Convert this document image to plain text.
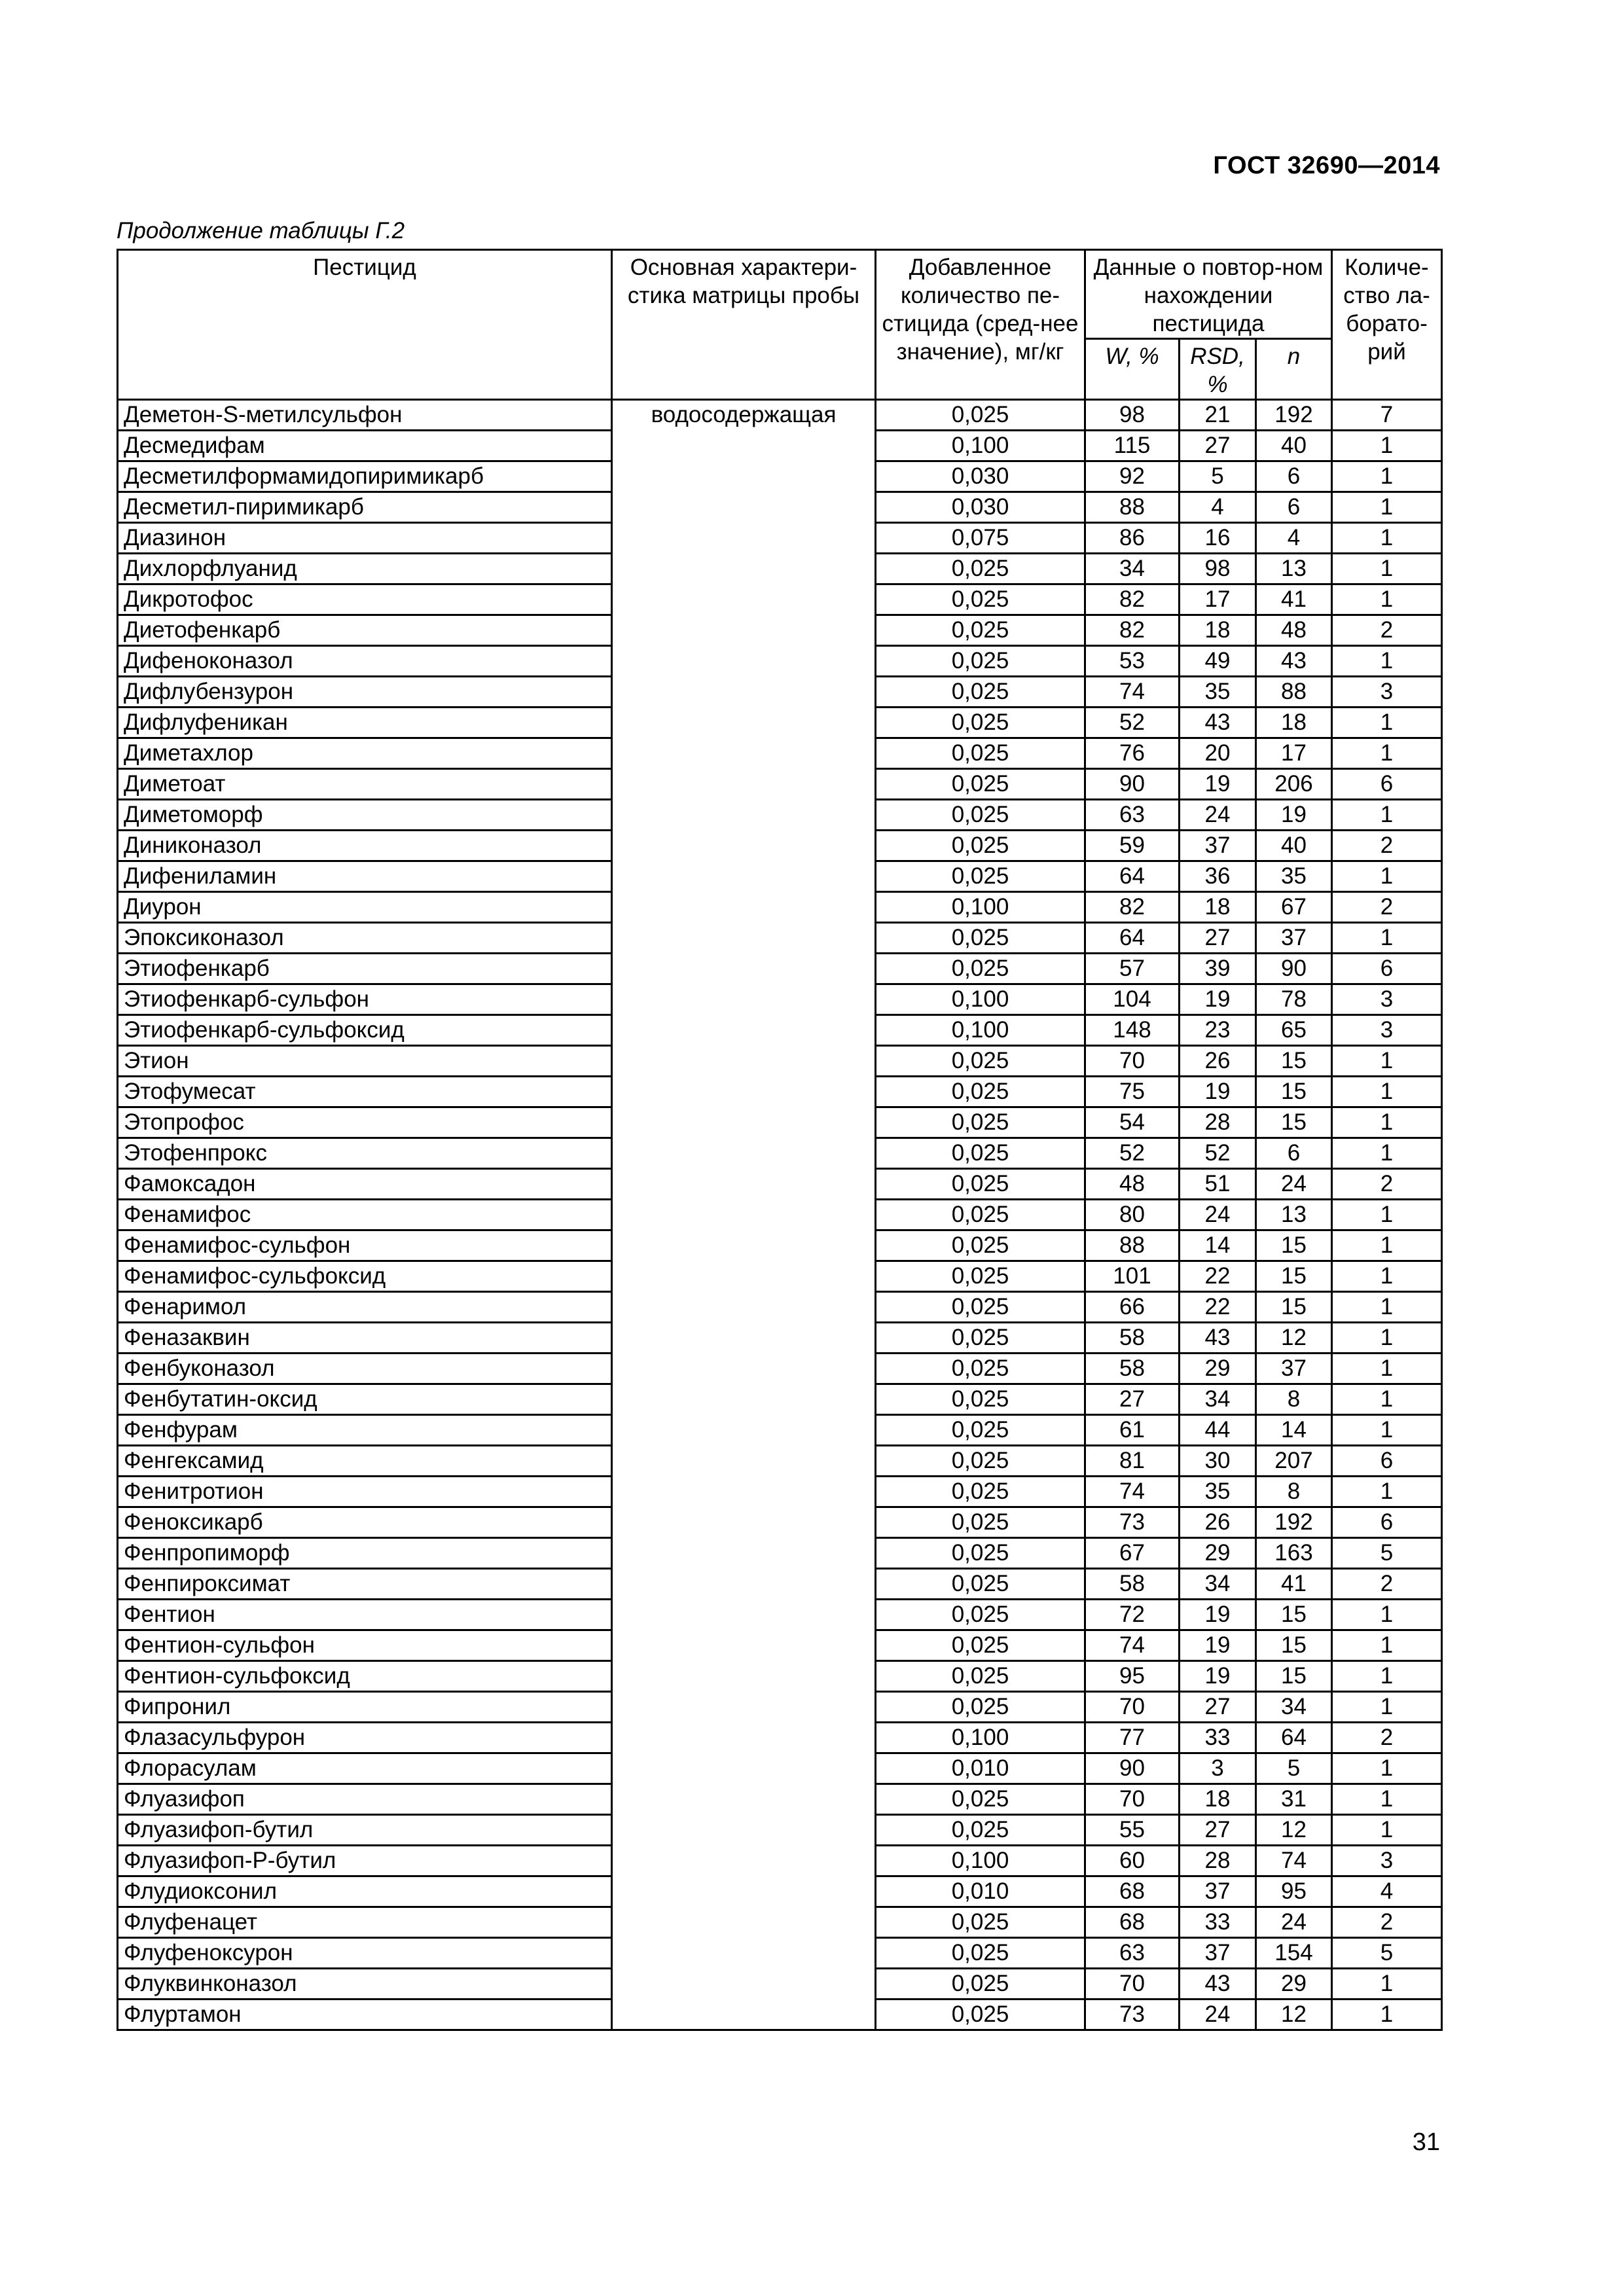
ГОСТ 32690—2014
Продолжение таблицы Г.2
Пестицид	Основная характери-стика матрицы пробы	Добавленное количество пе-стицида (сред-нее значение), мг/кг	Данные о повтор-ном нахождении пестицида			Количе-ство ла-борато-рий
			W, %	RSD, %	n	
Деметон-S-метилсульфон	водосодержащая	0,025	98	21	192	7
Десмедифам		0,100	115	27	40	1
Десметилформамидопиримикарб		0,030	92	5	6	1
Десметил-пиримикарб		0,030	88	4	6	1
Диазинон		0,075	86	16	4	1
Дихлорфлуанид		0,025	34	98	13	1
Дикротофос		0,025	82	17	41	1
Диетофенкарб		0,025	82	18	48	2
Дифеноконазол		0,025	53	49	43	1
Дифлубензурон		0,025	74	35	88	3
Дифлуфеникан		0,025	52	43	18	1
Диметахлор		0,025	76	20	17	1
Диметоат		0,025	90	19	206	6
Диметоморф		0,025	63	24	19	1
Диниконазол		0,025	59	37	40	2
Дифениламин		0,025	64	36	35	1
Диурон		0,100	82	18	67	2
Эпоксиконазол		0,025	64	27	37	1
Этиофенкарб		0,025	57	39	90	6
Этиофенкарб-сульфон		0,100	104	19	78	3
Этиофенкарб-сульфоксид		0,100	148	23	65	3
Этион		0,025	70	26	15	1
Этофумесат		0,025	75	19	15	1
Этопрофос		0,025	54	28	15	1
Этофенпрокс		0,025	52	52	6	1
Фамоксадон		0,025	48	51	24	2
Фенамифос		0,025	80	24	13	1
Фенамифос-сульфон		0,025	88	14	15	1
Фенамифос-сульфоксид		0,025	101	22	15	1
Фенаримол		0,025	66	22	15	1
Феназаквин		0,025	58	43	12	1
Фенбуконазол		0,025	58	29	37	1
Фенбутатин-оксид		0,025	27	34	8	1
Фенфурам		0,025	61	44	14	1
Фенгексамид		0,025	81	30	207	6
Фенитротион		0,025	74	35	8	1
Феноксикарб		0,025	73	26	192	6
Фенпропиморф		0,025	67	29	163	5
Фенпироксимат		0,025	58	34	41	2
Фентион		0,025	72	19	15	1
Фентион-сульфон		0,025	74	19	15	1
Фентион-сульфоксид		0,025	95	19	15	1
Фипронил		0,025	70	27	34	1
Флазасульфурон		0,100	77	33	64	2
Флорасулам		0,010	90	3	5	1
Флуазифоп		0,025	70	18	31	1
Флуазифоп-бутил		0,025	55	27	12	1
Флуазифоп-Р-бутил		0,100	60	28	74	3
Флудиоксонил		0,010	68	37	95	4
Флуфенацет		0,025	68	33	24	2
Флуфеноксурон		0,025	63	37	154	5
Флуквинконазол		0,025	70	43	29	1
Флуртамон		0,025	73	24	12	1
31
